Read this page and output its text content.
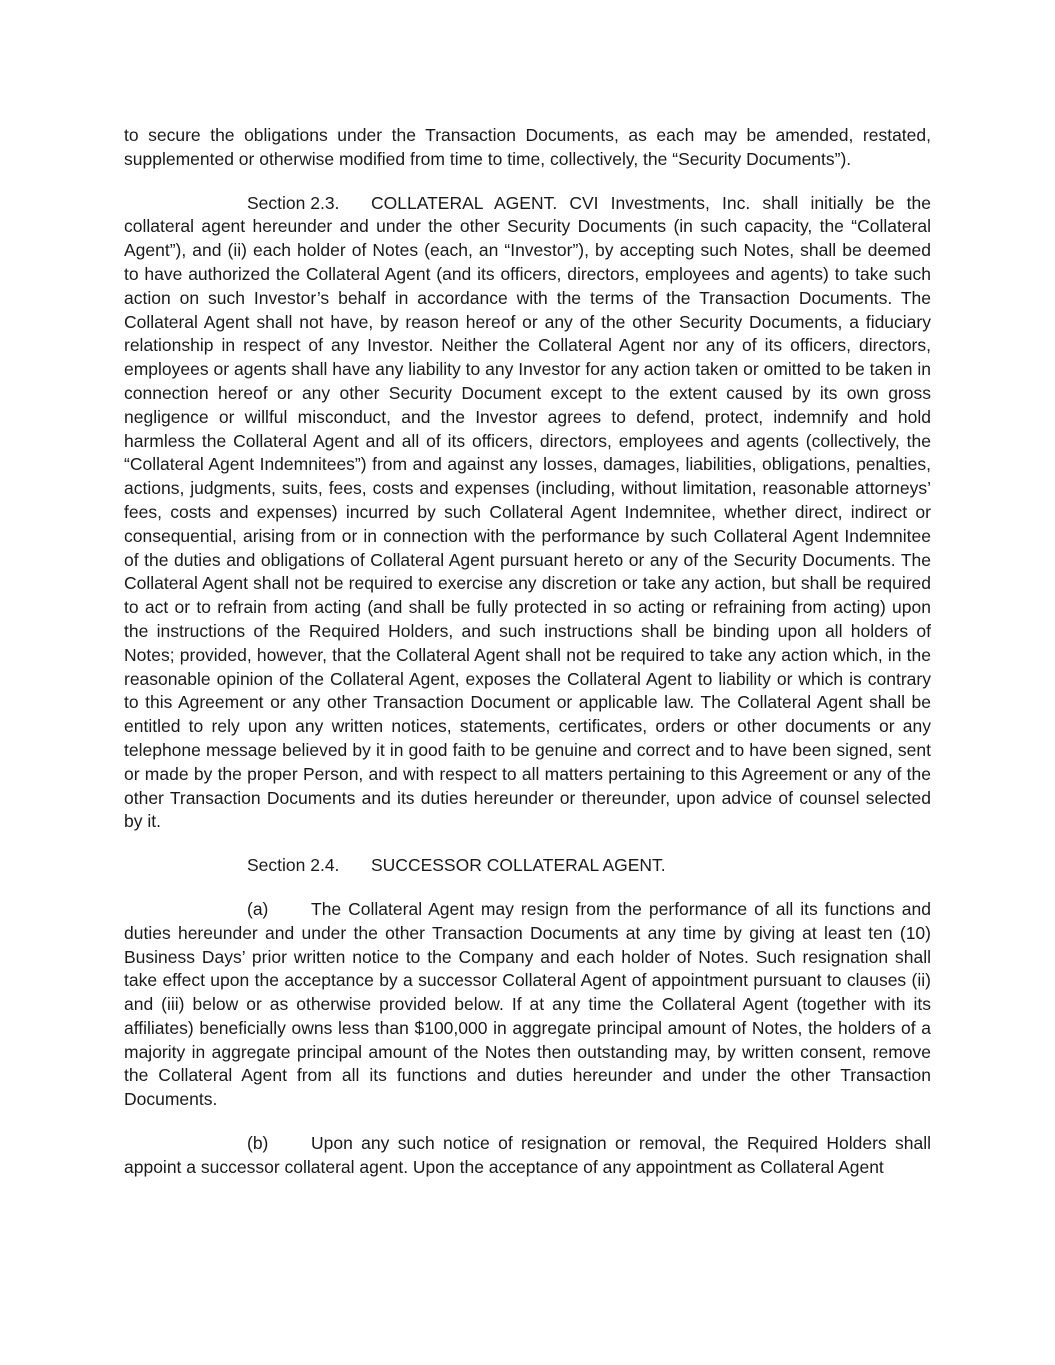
to secure the obligations under the Transaction Documents, as each may be amended, restated, supplemented or otherwise modified from time to time, collectively, the “Security Documents”).

Section 2.3. COLLATERAL AGENT. CVI Investments, Inc. shall initially be the collateral agent hereunder and under the other Security Documents (in such capacity, the “Collateral Agent”), and (ii) each holder of Notes (each, an “Investor”), by accepting such Notes, shall be deemed to have authorized the Collateral Agent (and its officers, directors, employees and agents) to take such action on such Investor’s behalf in accordance with the terms of the Transaction Documents. The Collateral Agent shall not have, by reason hereof or any of the other Security Documents, a fiduciary relationship in respect of any Investor. Neither the Collateral Agent nor any of its officers, directors, employees or agents shall have any liability to any Investor for any action taken or omitted to be taken in connection hereof or any other Security Document except to the extent caused by its own gross negligence or willful misconduct, and the Investor agrees to defend, protect, indemnify and hold harmless the Collateral Agent and all of its officers, directors, employees and agents (collectively, the “Collateral Agent Indemnitees”) from and against any losses, damages, liabilities, obligations, penalties, actions, judgments, suits, fees, costs and expenses (including, without limitation, reasonable attorneys’ fees, costs and expenses) incurred by such Collateral Agent Indemnitee, whether direct, indirect or consequential, arising from or in connection with the performance by such Collateral Agent Indemnitee of the duties and obligations of Collateral Agent pursuant hereto or any of the Security Documents. The Collateral Agent shall not be required to exercise any discretion or take any action, but shall be required to act or to refrain from acting (and shall be fully protected in so acting or refraining from acting) upon the instructions of the Required Holders, and such instructions shall be binding upon all holders of Notes; provided, however, that the Collateral Agent shall not be required to take any action which, in the reasonable opinion of the Collateral Agent, exposes the Collateral Agent to liability or which is contrary to this Agreement or any other Transaction Document or applicable law. The Collateral Agent shall be entitled to rely upon any written notices, statements, certificates, orders or other documents or any telephone message believed by it in good faith to be genuine and correct and to have been signed, sent or made by the proper Person, and with respect to all matters pertaining to this Agreement or any of the other Transaction Documents and its duties hereunder or thereunder, upon advice of counsel selected by it.

Section 2.4. SUCCESSOR COLLATERAL AGENT.

(a) The Collateral Agent may resign from the performance of all its functions and duties hereunder and under the other Transaction Documents at any time by giving at least ten (10) Business Days’ prior written notice to the Company and each holder of Notes. Such resignation shall take effect upon the acceptance by a successor Collateral Agent of appointment pursuant to clauses (ii) and (iii) below or as otherwise provided below. If at any time the Collateral Agent (together with its affiliates) beneficially owns less than $100,000 in aggregate principal amount of Notes, the holders of a majority in aggregate principal amount of the Notes then outstanding may, by written consent, remove the Collateral Agent from all its functions and duties hereunder and under the other Transaction Documents.

(b) Upon any such notice of resignation or removal, the Required Holders shall appoint a successor collateral agent. Upon the acceptance of any appointment as Collateral Agent
